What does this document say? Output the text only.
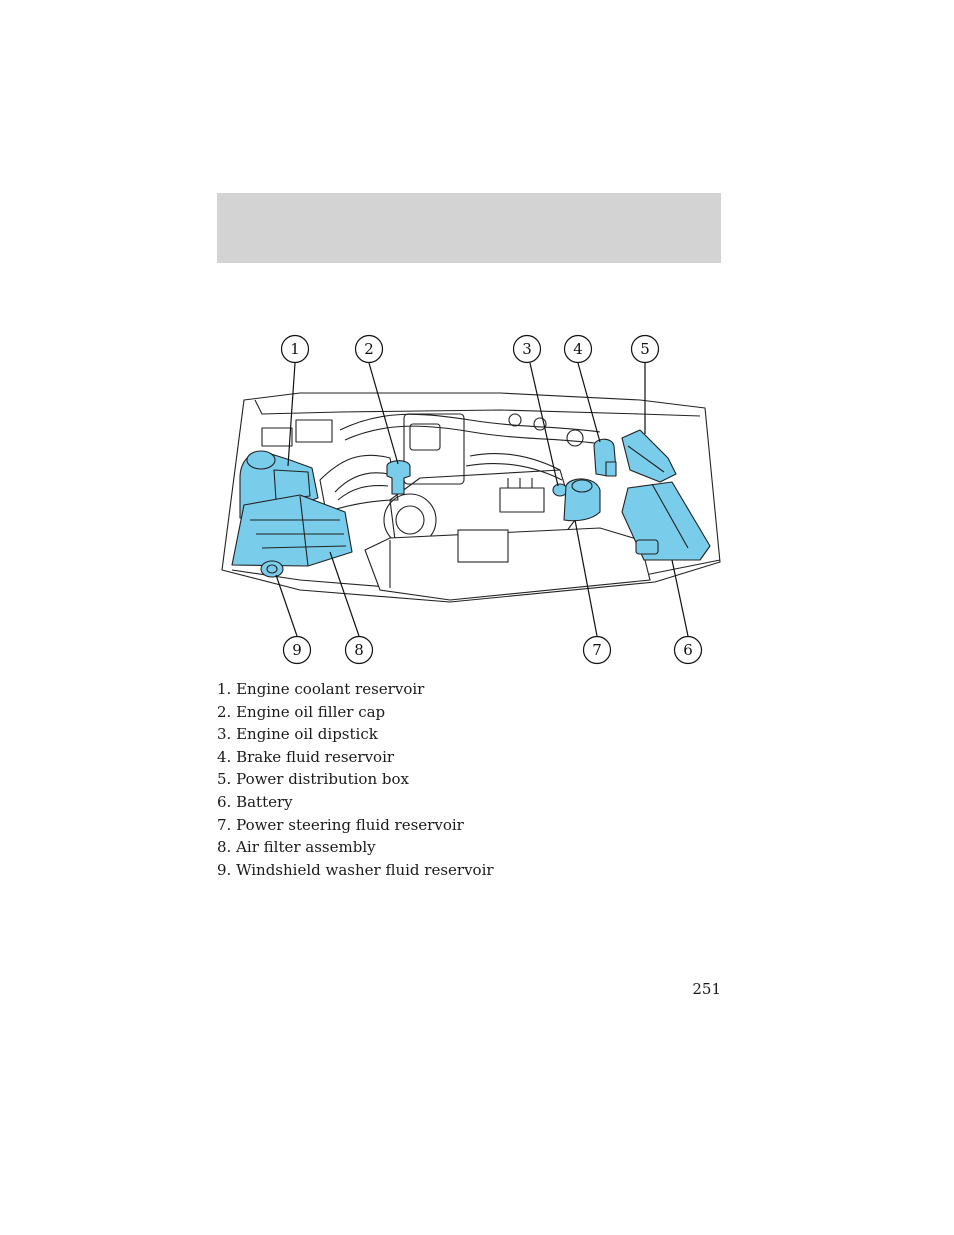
1	2	3	4	5
9	8	7	6
1. Engine coolant reservoir
2. Engine oil filler cap
3. Engine oil dipstick
4. Brake fluid reservoir
5. Power distribution box
6. Battery
7. Power steering fluid reservoir
8. Air filter assembly
9. Windshield washer fluid reservoir
251
